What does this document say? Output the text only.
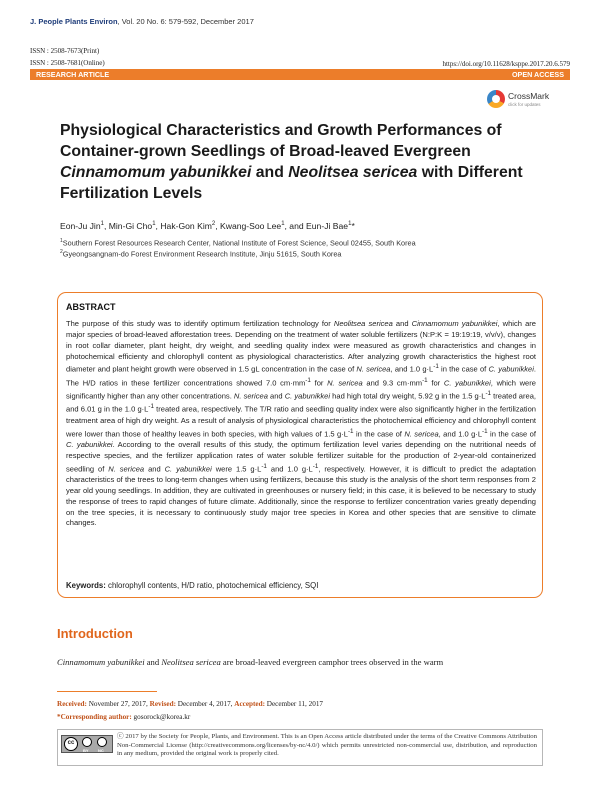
J. People Plants Environ, Vol. 20 No. 6: 579-592, December 2017
ISSN : 2508-7673(Print)
ISSN : 2508-7681(Online)	https://doi.org/10.11628/ksppe.2017.20.6.579
RESEARCH ARTICLE	OPEN ACCESS
CrossMark
click for updates
Physiological Characteristics and Growth Performances of
Container-grown Seedlings of Broad-leaved Evergreen
Cinnamomum yabunikkei and Neolitsea sericea with Different
Fertilization Levels
Eon-Ju Jin$^1$, Min-Gi Cho$^1$, Hak-Gon Kim$^2$, Kwang-Soo Lee$^1$, and Eun-Ji Bae$^1$*
$^1$Southern Forest Resources Research Center, National Institute of Forest Science, Seoul 02455, South Korea
$^2$Gyeongsangnam-do Forest Environment Research Institute, Jinju 51615, South Korea
ABSTRACT

The purpose of this study was to identify optimum fertilization technology for Neolitsea sericea and Cinnamomum yabunikkei, which are major species of broad-leaved afforestation trees. Depending on the treatment of water soluble fertilizers (N:P:K = 19:19:19, v/v/v), changes in root collar diameter, plant height, dry weight, and seedling quality index were measured as growth characteristics and changes in photochemical efficienty and chlorophyll content as physiological characteristics. After analyzing growth characteristics the highest root diameter and plant height growth were observed in 1.5 gL concentration in the case of N. sericea, and 1.0 $g\cdot L^{-1}$ in the case of C. yabunikkei. The H/D ratios in these fertilizer concentrations showed 7.0 $cm\cdot mm^{-1}$ for N. sericea and 9.3 $cm\cdot mm^{-1}$ for C. yabunikkei, which were significantly higher than any other concentrations. N. sericea and C. yabunikkei had high total dry weight, 5.92 g in the 1.5 $g\cdot L^{-1}$ treated area, and 6.01 g in the 1.0 $g\cdot L^{-1}$ treated area, respectively. The T/R ratio and seedling quality index were also significantly higher in the fertilization treatment area of high dry weight. As a result of analysis of physiological characteristics the photochemical efficiency and chlorophyll content were lower than those of healthy leaves in both species, with high values of 1.5 $g\cdot L^{-1}$ in the case of N. sericea, and 1.0 $g\cdot L^{-1}$ in the case of C. yabunikkei. According to the overall results of this study, the optimum fertilization level varies depending on the nutritional needs of respective species, and the fertilizer application rates of water soluble fertilizer suitable for the production of 2-year-old containerized seedling of N. sericea and C. yabunikkei were 1.5 $g\cdot L^{-1}$ and 1.0 $g\cdot L^{-1}$, respectively. However, it is difficult to predict the adaptation characteristics of the trees to long-term changes when using fertilizers, because this study is the analysis of the short term responses from 2 year old young seedlings. In addition, they are cultivated in greenhouses or nursery field; in this case, it is believed to be necessary to study the response of trees to rapid changes of future climate. Additionally, since the response to fertilizer concentration varies greatly depending on the tree species, it is necessary to continuously study major tree species in Korea and other species that are sensitive to climate changes.

Keywords: chlorophyll contents, H/D ratio, photochemical efficiency, SQI
Introduction
Cinnamomum yabunikkei and Neolitsea sericea are broad-leaved evergreen camphor trees observed in the warm
Received: November 27, 2017, Revised: December 4, 2017, Accepted: December 11, 2017
*Corresponding author: gosorock@korea.kr
cc
BY NC
ⓒ 2017 by the Society for People, Plants, and Environment. This is an Open Access article distributed under the terms of the Creative Commons Attribution Non-Commercial License (http://creativecommons.org/licenses/by-nc/4.0/) which permits unrestricted non-commercial use, distribution, and reproduction in any medium, provided the original work is properly cited.
